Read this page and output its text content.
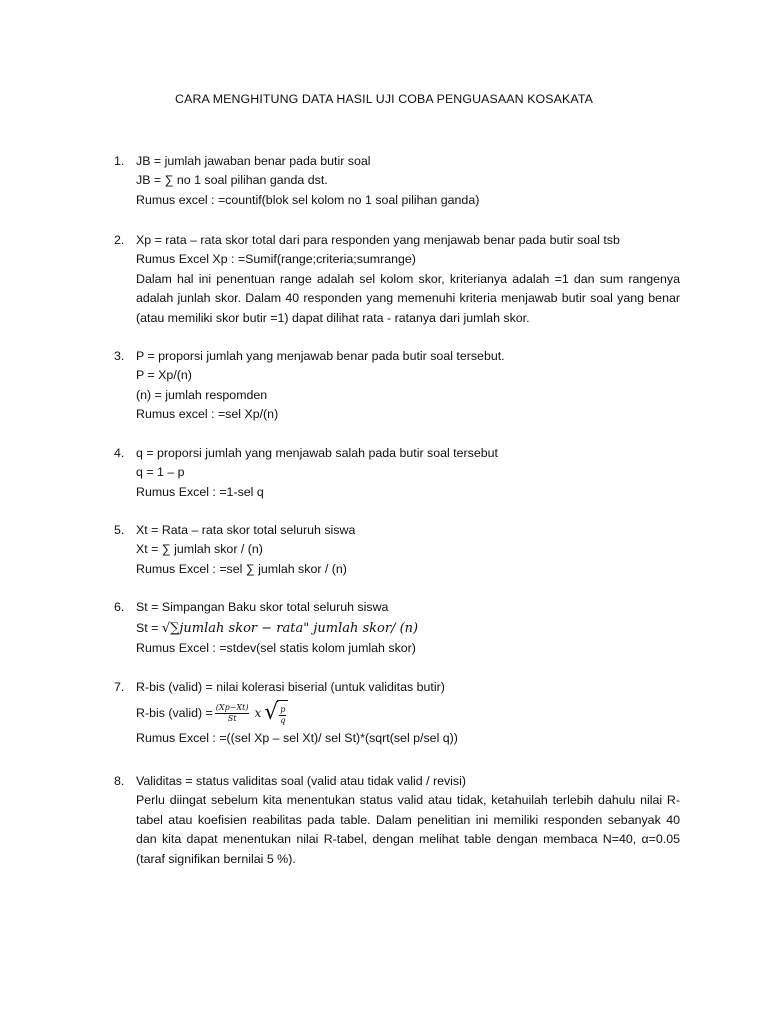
CARA MENGHITUNG DATA HASIL UJI COBA PENGUASAAN KOSAKATA
1. JB = jumlah jawaban benar pada butir soal
JB = ∑ no 1 soal pilihan ganda dst.
Rumus excel : =countif(blok sel kolom no 1 soal pilihan ganda)
2. Xp = rata – rata skor total dari para responden yang menjawab benar pada butir soal tsb
Rumus Excel Xp : =Sumif(range;criteria;sumrange)
Dalam hal ini penentuan range adalah sel kolom skor, kriterianya adalah =1 dan sum rangenya adalah junlah skor. Dalam 40 responden yang memenuhi kriteria menjawab butir soal yang benar (atau memiliki skor butir =1) dapat dilihat rata - ratanya dari jumlah skor.
3. P = proporsi jumlah yang menjawab benar pada butir soal tersebut.
P = Xp/(n)
(n) = jumlah respomden
Rumus excel : =sel Xp/(n)
4. q = proporsi jumlah yang menjawab salah pada butir soal tersebut
q = 1 – p
Rumus Excel : =1-sel q
5. Xt = Rata – rata skor total seluruh siswa
Xt = ∑ jumlah skor / (n)
Rumus Excel : =sel ∑ jumlah skor / (n)
6. St = Simpangan Baku skor total seluruh siswa
St = √∑jumlah skor − rata" jumlah skor/ (n)
Rumus Excel : =stdev(sel statis kolom jumlah skor)
7. R-bis (valid) = nilai kolerasi biserial (untuk validitas butir)
R-bis (valid) = $\frac{(Xp-Xt)}{St}$ x √ $\frac{p}{q}$
Rumus Excel : =((sel Xp – sel Xt)/ sel St)*(sqrt(sel p/sel q))
8. Validitas = status validitas soal (valid atau tidak valid / revisi)
Perlu diingat sebelum kita menentukan status valid atau tidak, ketahuilah terlebih dahulu nilai R-tabel atau koefisien reabilitas pada table. Dalam penelitian ini memiliki responden sebanyak 40 dan kita dapat menentukan nilai R-tabel, dengan melihat table dengan membaca N=40, α=0.05 (taraf signifikan bernilai 5 %).
